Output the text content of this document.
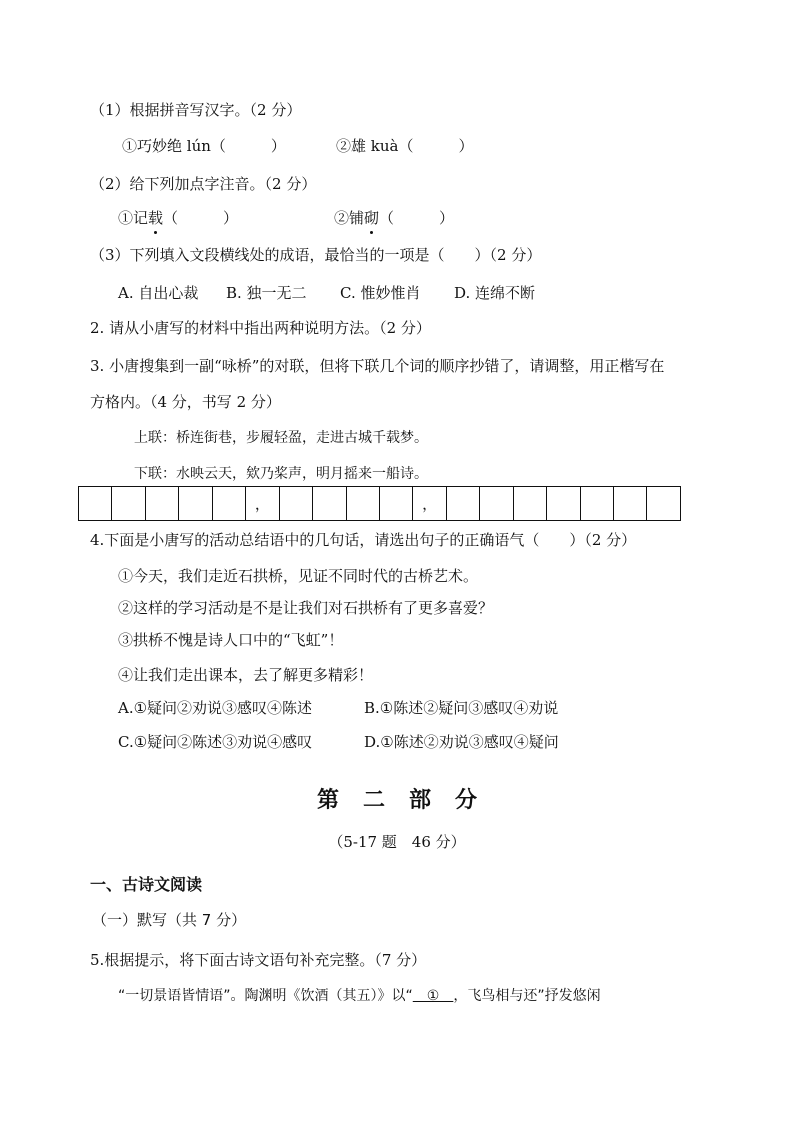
（1）根据拼音写汉字。（2 分）
①巧妙绝 lún（　　　）	②雄 kuà（　　　）
（2）给下列加点字注音。（2 分）
①记载（　　　）	②铺砌（　　　）
（3）下列填入文段横线处的成语，最恰当的一项是（　　）（2 分）
A. 自出心裁 B. 独一无二 C. 惟妙惟肖 D. 连绵不断
2. 请从小唐写的材料中指出两种说明方法。（2 分）
3. 小唐搜集到一副“咏桥”的对联，但将下联几个词的顺序抄错了，请调整，用正楷写在
方格内。（4 分，书写 2 分）
上联：桥连街巷，步履轻盈，走进古城千载梦。
下联：水映云天，欸乃桨声，明月摇来一船诗。
，	，
4.下面是小唐写的活动总结语中的几句话，请选出句子的正确语气（　　）（2 分）
①今天，我们走近石拱桥，见证不同时代的古桥艺术。
②这样的学习活动是不是让我们对石拱桥有了更多喜爱？
③拱桥不愧是诗人口中的“飞虹”！
④让我们走出课本，去了解更多精彩！
A.①疑问②劝说③感叹④陈述	B.①陈述②疑问③感叹④劝说
C.①疑问②陈述③劝说④感叹	D.①陈述②劝说③感叹④疑问
第二部分
（5-17 题　46 分）
一、古诗文阅读
（一）默写（共 7 分）
5.根据提示，将下面古诗文语句补充完整。（7 分）
“一切景语皆情语”。陶渊明《饮酒（其五）》以“　①　，飞鸟相与还”抒发悠闲
